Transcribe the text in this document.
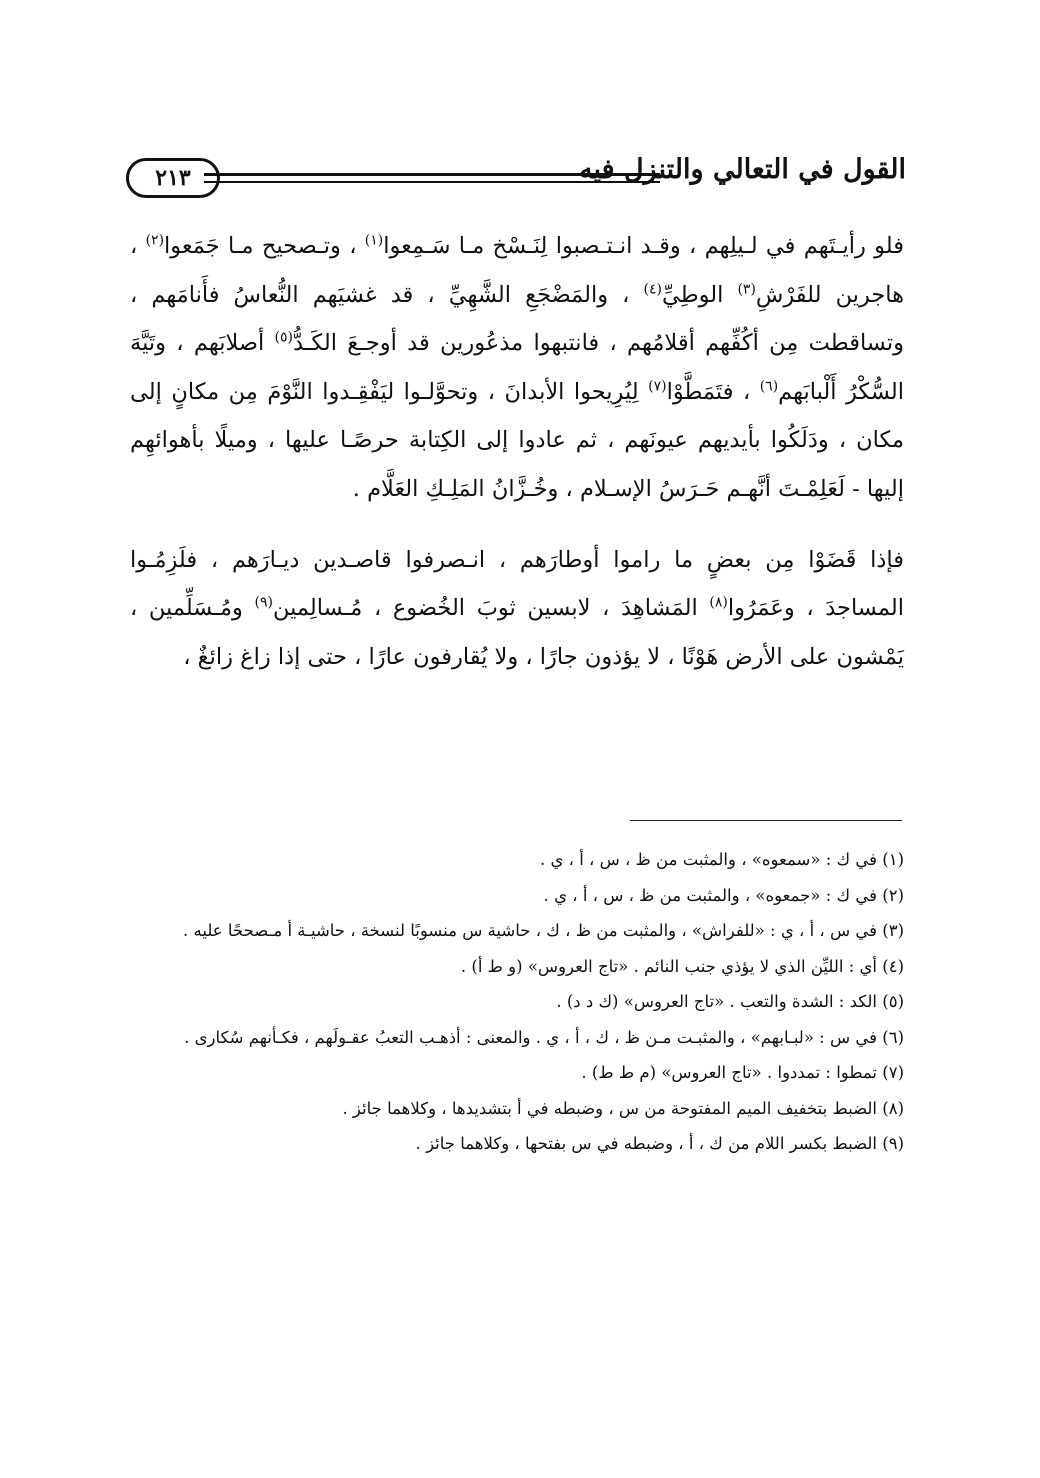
القول في التعالي والتنزل فيه
٢١٣

فلو رأيـتَهم في لـيلِهم ، وقـد انـتـصبوا لِنَـسْخ مـا سَـمِعوا$^{(١)}$ ، وتـصحيح مـا جَمَعوا$^{(٢)}$ ، هاجرين للفَرْشِ$^{(٣)}$ الوطِيِّ$^{(٤)}$ ، والمَضْجَعِ الشَّهِيِّ ، قد غشيَهم النُّعاسُ فأَنامَهم ، وتساقطت مِن أكُفِّهم أقلامُهم ، فانتبهوا مذعُورين قد أوجـعَ الكَـدُّ$^{(٥)}$ أصلابَهم ، وتَيَّهَ السُّكْرُ أَلْبابَهم$^{(٦)}$ ، فتَمَطَّوْا$^{(٧)}$ لِيُرِيحوا الأبدانَ ، وتحوَّلـوا ليَفْقِـدوا النَّوْمَ مِن مكانٍ إلى مكان ، ودَلَكُوا بأيديهم عيونَهم ، ثم عادوا إلى الكِتابة حرصًـا عليها ، وميلًا بأهوائهِم إليها - لَعَلِمْـتَ أنَّهـم حَـرَسُ الإسـلام ، وخُـزَّانُ المَلِـكِ العَلَّام .

فإذا قَضَوْا مِن بعضٍ ما راموا أوطارَهم ، انـصرفوا قاصـدين ديـارَهم ، فلَزِمُـوا المساجدَ ، وعَمَرُوا$^{(٨)}$ المَشاهِدَ ، لابسين ثوبَ الخُضوع ، مُـسالِمين$^{(٩)}$ ومُـسَلِّمين ، يَمْشون على الأرض هَوْنًا ، لا يؤذون جارًا ، ولا يُقارفون عارًا ، حتى إذا زاغ زائغٌ ،

(١) في ك : «سمعوه» ، والمثبت من ظ ، س ، أ ، ي .
(٢) في ك : «جمعوه» ، والمثبت من ظ ، س ، أ ، ي .
(٣) في س ، أ ، ي : «للفراش» ، والمثبت من ظ ، ك ، حاشية س منسوبًا لنسخة ، حاشيـة أ مـصححًا عليه .
(٤) أي : الليِّن الذي لا يؤذي جنب النائم . «تاج العروس» (و ط أ) .
(٥) الكد : الشدة والتعب . «تاج العروس» (ك د د) .
(٦) في س : «لبـابهم» ، والمثبـت مـن ظ ، ك ، أ ، ي . والمعنى : أذهـب التعبُ عقـولَهم ، فكـأنهم سُكارى .
(٧) تمطوا : تمددوا . «تاج العروس» (م ط ط) .
(٨) الضبط بتخفيف الميم المفتوحة من س ، وضبطه في أ بتشديدها ، وكلاهما جائز .
(٩) الضبط بكسر اللام من ك ، أ ، وضبطه في س بفتحها ، وكلاهما جائز .
